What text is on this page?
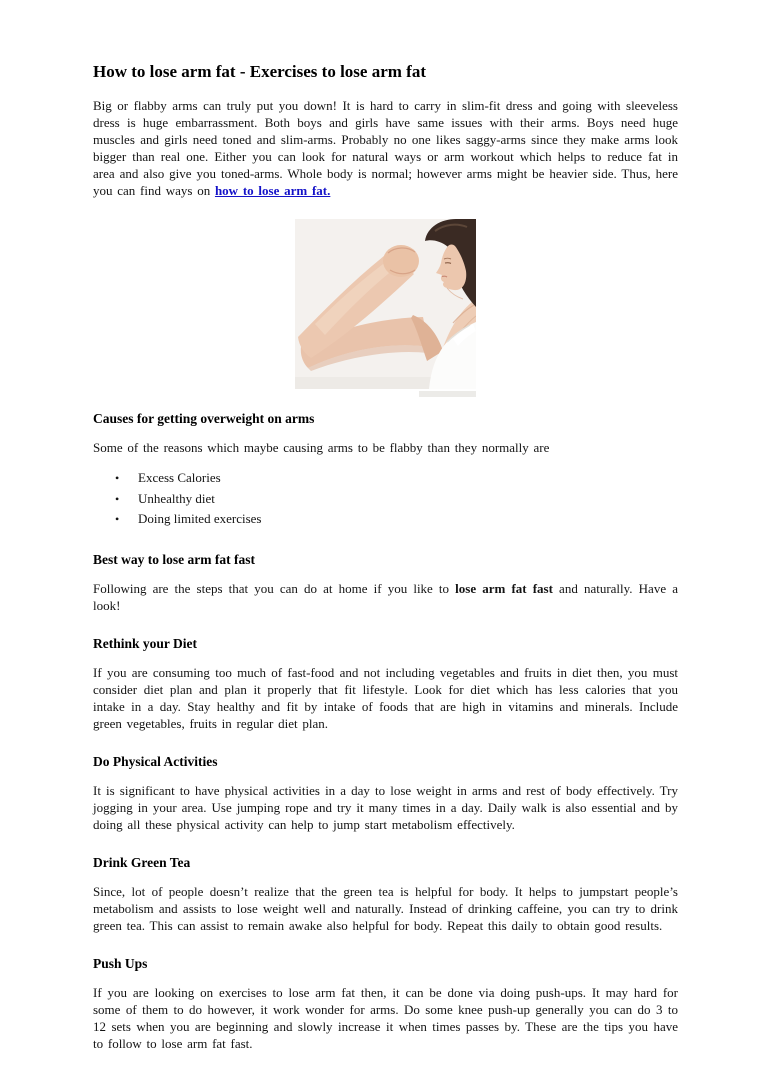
How to lose arm fat - Exercises to lose arm fat

Big or flabby arms can truly put you down! It is hard to carry in slim-fit dress and going with sleeveless dress is huge embarrassment. Both boys and girls have same issues with their arms. Boys need huge muscles and girls need toned and slim-arms. Probably no one likes saggy-arms since they make arms look bigger than real one. Either you can look for natural ways or arm workout which helps to reduce fat in area and also give you toned-arms. Whole body is normal; however arms might be heavier side. Thus, here you can find ways on how to lose arm fat.

Causes for getting overweight on arms

Some of the reasons which maybe causing arms to be flabby than they normally are

• Excess Calories
• Unhealthy diet
• Doing limited exercises
Best way to lose arm fat fast

Following are the steps that you can do at home if you like to lose arm fat fast and naturally. Have a look!

Rethink your Diet

If you are consuming too much of fast-food and not including vegetables and fruits in diet then, you must consider diet plan and plan it properly that fit lifestyle. Look for diet which has less calories that you intake in a day. Stay healthy and fit by intake of foods that are high in vitamins and minerals. Include green vegetables, fruits in regular diet plan.

Do Physical Activities

It is significant to have physical activities in a day to lose weight in arms and rest of body effectively. Try jogging in your area. Use jumping rope and try it many times in a day. Daily walk is also essential and by doing all these physical activity can help to jump start metabolism effectively.

Drink Green Tea

Since, lot of people doesn’t realize that the green tea is helpful for body. It helps to jumpstart people’s metabolism and assists to lose weight well and naturally. Instead of drinking caffeine, you can try to drink green tea. This can assist to remain awake also helpful for body. Repeat this daily to obtain good results.

Push Ups

If you are looking on exercises to lose arm fat then, it can be done via doing push-ups. It may hard for some of them to do however, it work wonder for arms. Do some knee push-up generally you can do 3 to 12 sets when you are beginning and slowly increase it when times passes by. These are the tips you have to follow to lose arm fat fast.
